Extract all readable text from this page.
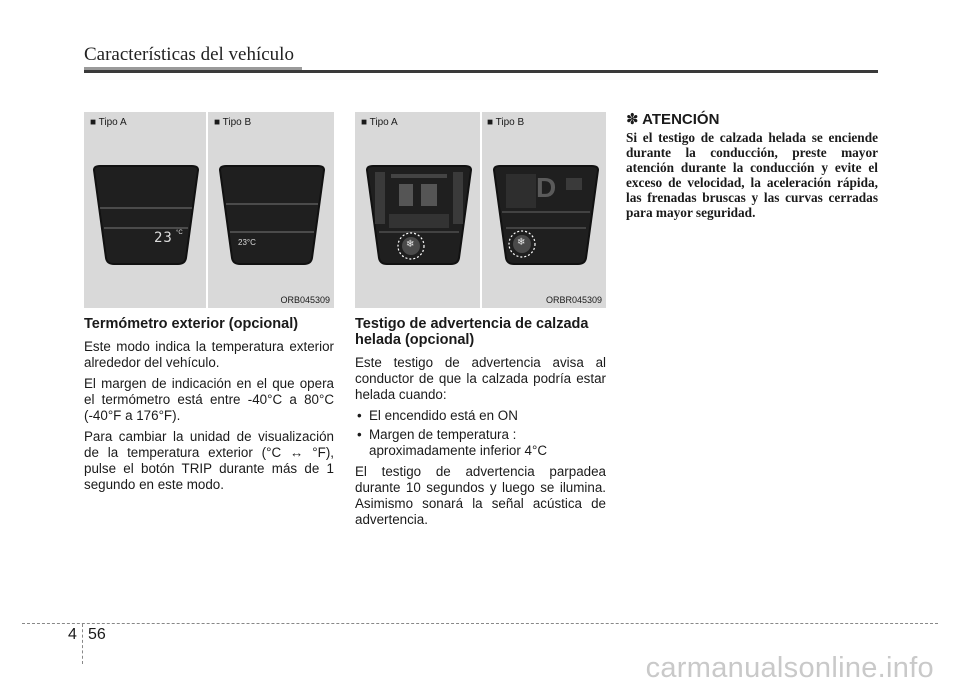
Características del vehículo
■ Tipo A	■ Tipo B
23 °C
23°C
ORB045309
■ Tipo A	■ Tipo B
❄
D
❄
ORBR045309
Termómetro exterior (opcional)

Este modo indica la temperatura exterior alrededor del vehículo.

El margen de indicación en el que opera el termómetro está entre -40°C a 80°C (-40°F a 176°F).

Para cambiar la unidad de visualización de la temperatura exterior (°C ↔ °F), pulse el botón TRIP durante más de 1 segundo en este modo.

Testigo de advertencia de calzada helada (opcional)

Este testigo de advertencia avisa al conductor de que la calzada podría estar helada cuando:

• El encendido está en ON
• Margen de temperatura : aproximadamente inferior 4°C

El testigo de advertencia parpadea durante 10 segundos y luego se ilumina. Asimismo sonará la señal acústica de advertencia.

✽ ATENCIÓN

Si el testigo de calzada helada se enciende durante la conducción, preste mayor atención durante la conducción y evite el exceso de velocidad, la aceleración rápida, las frenadas bruscas y las curvas cerradas para mayor seguridad.

4 56
carmanualsonline.info
